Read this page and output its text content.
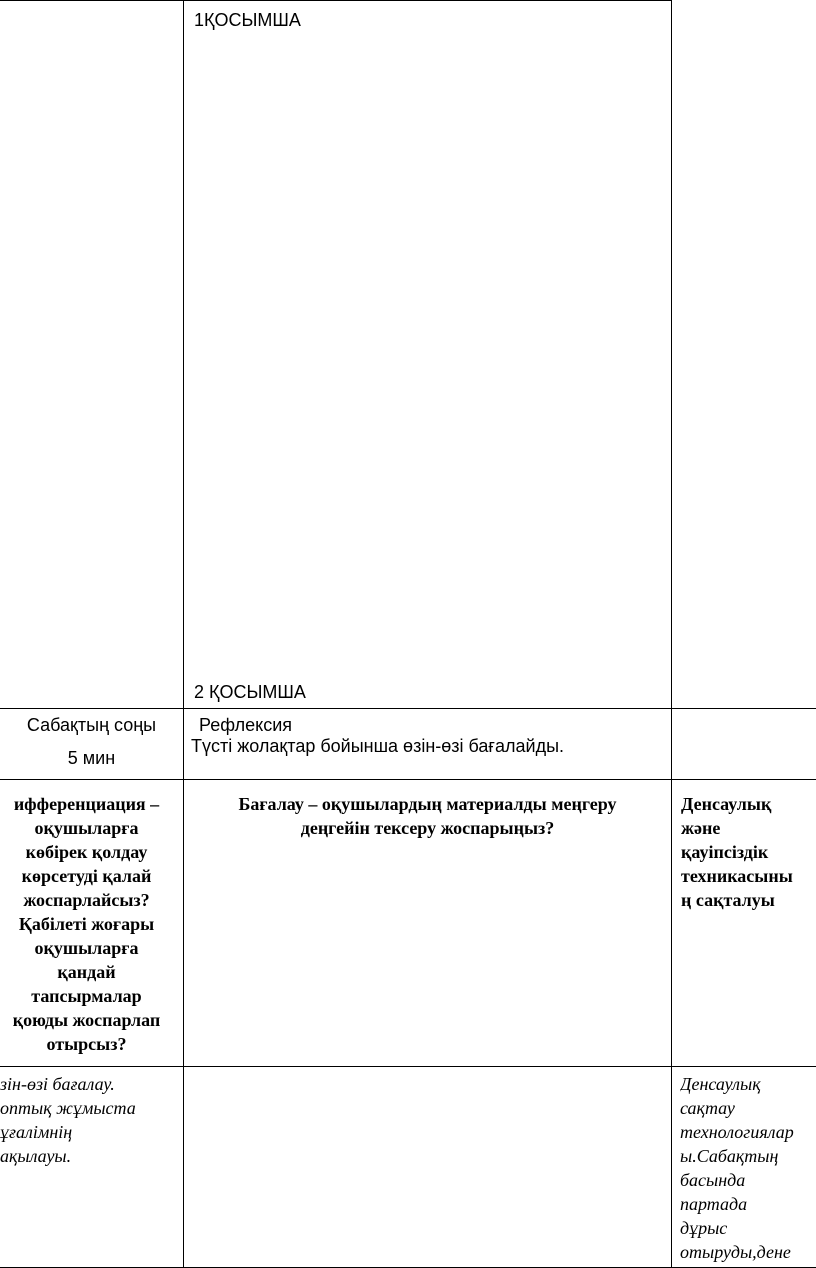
1ҚОСЫМША
2 ҚОСЫМША
Сабақтың соңы
5 мин
Рефлексия
Түсті жолақтар бойынша өзін-өзі бағалайды.
ифференциация –
оқушыларға
көбірек қолдау
көрсетуді қалай
жоспарлайсыз?
Қабілеті жоғары
оқушыларға
қандай
тапсырмалар
қоюды жоспарлап
отырсыз?
Бағалау – оқушылардың материалды меңгеру
деңгейін тексеру жоспарыңыз?
Денсаулық
және
қауіпсіздік
техникасыны
ң сақталуы
зін-өзі бағалау.
оптық жұмыста
ұғалімнің
ақылауы.
Денсаулық
сақтау
технологиялар
ы.Сабақтың
басында
партада
дұрыс
отыруды,дене
